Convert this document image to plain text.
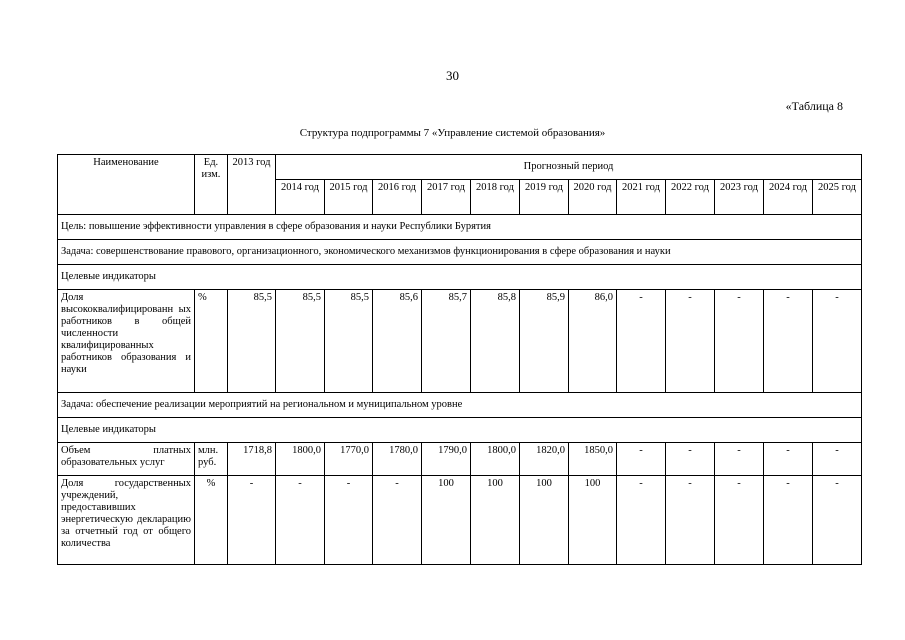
30
«Таблица 8
Структура подпрограммы 7 «Управление системой образования»
Наименование	Ед. изм.	2013 год	Прогнозный период											
			2014 год	2015 год	2016 год	2017 год	2018 год	2019 год	2020 год	2021 год	2022 год	2023 год	2024 год	2025 год
Цель: повышение эффективности управления в сфере образования и науки Республики Бурятия														
Задача: совершенствование правового, организационного, экономического механизмов функционирования в сфере образования и науки														
Целевые индикаторы														
Доля высококвалифицированн ых работников в общей численности квалифицированных работников образования и науки	%	85,5	85,5	85,5	85,6	85,7	85,8	85,9	86,0	-	-	-	-	-
Задача: обеспечение реализации мероприятий на региональном и муниципальном уровне														
Целевые индикаторы														
Объем платных образовательных услуг	млн. руб.	1718,8	1800,0	1770,0	1780,0	1790,0	1800,0	1820,0	1850,0	-	-	-	-	-
Доля государственных учреждений, предоставивших энергетическую декларацию за отчетный год от общего количества	%	-	-	-	-	100	100	100	100	-	-	-	-	-
